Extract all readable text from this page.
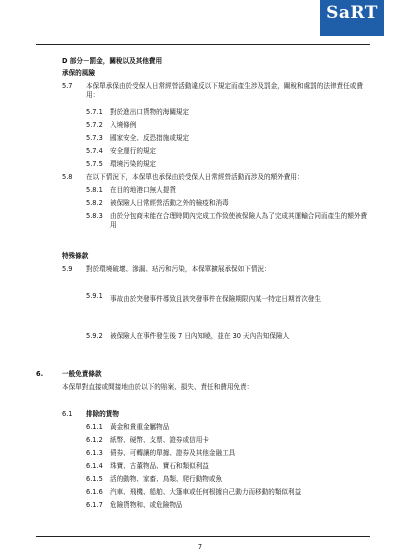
SaRT
D 部分－罰金，關稅以及其他費用
承保的風險
5.7 本保單承保由於受保人日常經營活動違反以下規定而產生涉及罰金，關稅和處罰的法律責任或費用：
5.7.1 對於進出口貨物的海關規定
5.7.2 入境條例
5.7.3 國家安全、反恐措施或規定
5.7.4 安全運行的規定
5.7.5 環境污染的規定
5.8 在以下情況下，本保單也承保由於受保人日常經營活動而涉及的額外費用：
5.8.1 在目的地港口無人提貨
5.8.2 被保險人日常經營活動之外的檢疫和消毒
5.8.3 由於分包商未能在合理時間內完成工作致使被保險人為了完成其運輸合同而產生的額外費用
特殊條款
5.9 對於環境破壞、滲漏、玷污和污染，本保單擴展承保如下情況：
5.9.1 事故由於突發事件導致且該突發事件在保險期限內某一特定日期首次發生
5.9.2 被保險人在事件發生後 7 日內知曉，並在 30 天內告知保險人
6.	一般免責條款
本保單對直接或間接地由於以下的賠案、損失、責任和費用免責：
6.1 排除的貨物
6.1.1 黃金和貴重金屬物品
6.1.2 紙幣、硬幣、支票、證券或信用卡
6.1.3 債券、可轉讓的單據、證券及其他金融工具
6.1.4 珠寶、古董物品、寶石和類似利益
6.1.5 活的動物、家畜、鳥類、爬行動物或魚
6.1.6 汽車、飛機、船舶、大篷車或任何根據自己動力而移動的類似利益
6.1.7 危險貨物和、或危險物品
7
